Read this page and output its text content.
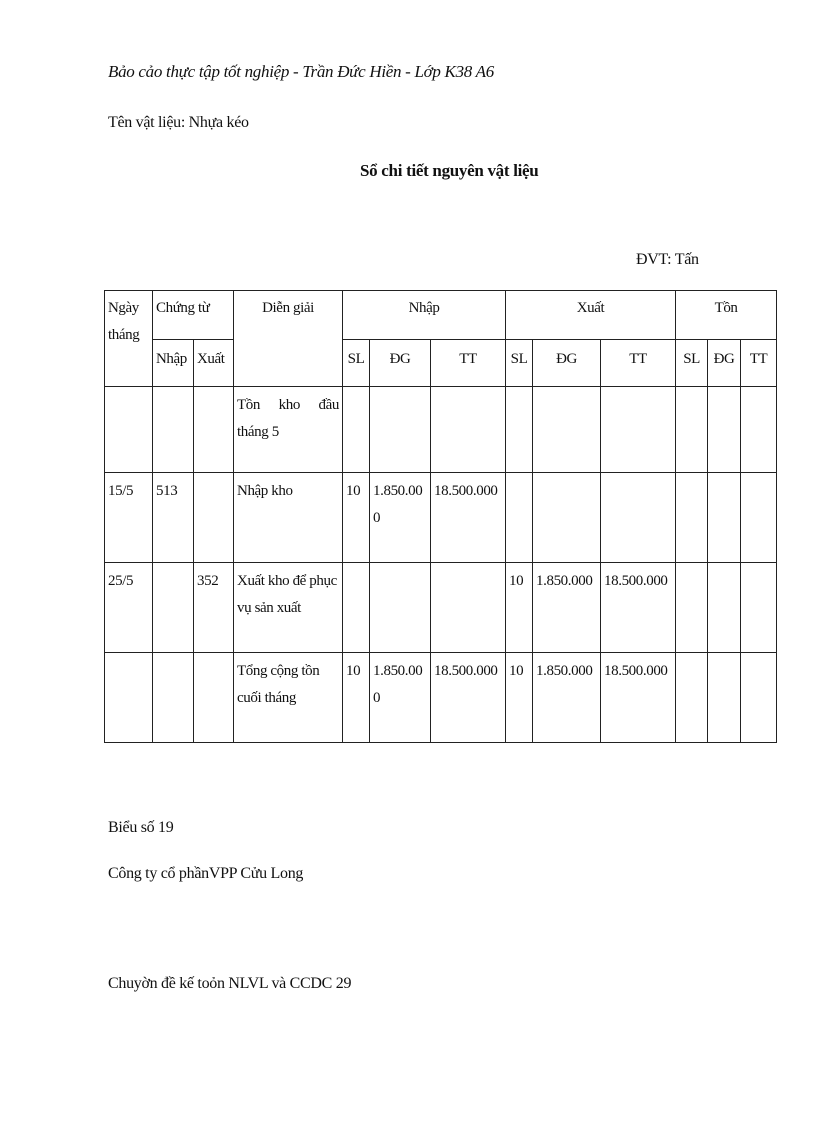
Bảo cảo thực tập tốt nghiệp - Trần Đức Hiền - Lớp K38 A6
Tên vật liệu: Nhựa kéo
Sổ chi tiết nguyên vật liệu
ĐVT: Tấn
Ngày tháng	Chứng từ		Diễn giải	Nhập			Xuất			Tồn		
	Nhập	Xuất		SL	ĐG	TT	SL	ĐG	TT	SL	ĐG	TT
			Tồn kho đầu tháng 5									
15/5	513		Nhập kho	10	1.850.000	18.500.000						
25/5		352	Xuất kho để phục vụ sản xuất				10	1.850.000	18.500.000			
			Tổng cộng tồn cuối tháng	10	1.850.000	18.500.000	10	1.850.000	18.500.000			
Biểu số 19
Công ty cổ phầnVPP Cửu Long
Chuyờn đề kế toỏn NLVL và CCDC 29
